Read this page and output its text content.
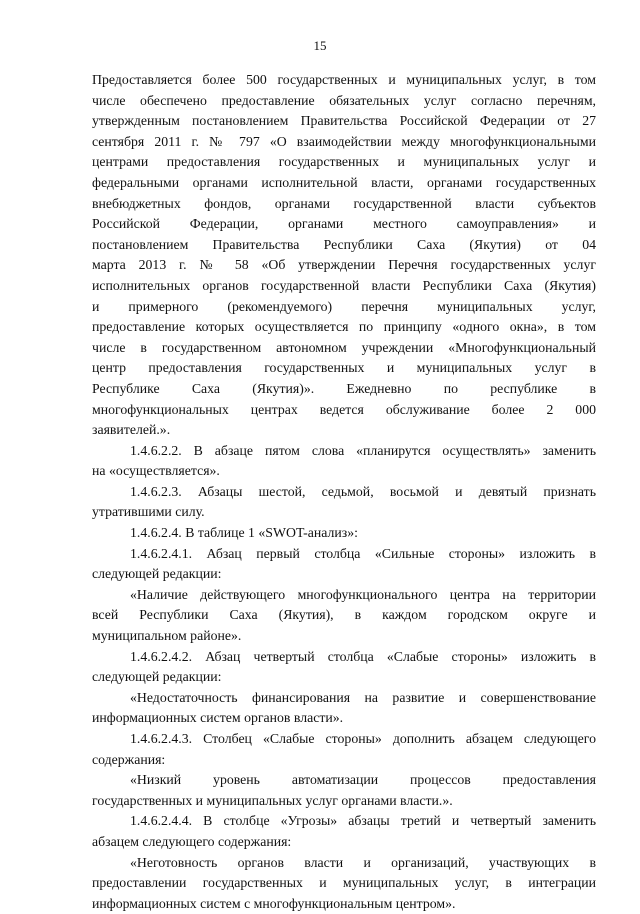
15
Предоставляется более 500 государственных и муниципальных услуг, в том
числе обеспечено предоставление обязательных услуг согласно перечням,
утвержденным постановлением Правительства Российской Федерации от 27
сентября 2011 г. № 797 «О взаимодействии между многофункциональными
центрами предоставления государственных и муниципальных услуг и
федеральными органами исполнительной власти, органами государственных
внебюджетных фондов, органами государственной власти субъектов
Российской Федерации, органами местного самоуправления» и
постановлением Правительства Республики Саха (Якутия) от 04
марта 2013 г. № 58 «Об утверждении Перечня государственных услуг
исполнительных органов государственной власти Республики Саха (Якутия)
и примерного (рекомендуемого) перечня муниципальных услуг,
предоставление которых осуществляется по принципу «одного окна», в том
числе в государственном автономном учреждении «Многофункциональный
центр предоставления государственных и муниципальных услуг в
Республике Саха (Якутия)». Ежедневно по республике в
многофункциональных центрах ведется обслуживание более 2 000
заявителей.».
1.4.6.2.2. В абзаце пятом слова «планирутся осуществлять» заменить
на «осуществляется».
1.4.6.2.3. Абзацы шестой, седьмой, восьмой и девятый признать
утратившими силу.
1.4.6.2.4. В таблице 1 «SWOT-анализ»:
1.4.6.2.4.1. Абзац первый столбца «Сильные стороны» изложить в
следующей редакции:
«Наличие действующего многофункционального центра на территории
всей Республики Саха (Якутия), в каждом городском округе и
муниципальном районе».
1.4.6.2.4.2. Абзац четвертый столбца «Слабые стороны» изложить в
следующей редакции:
«Недостаточность финансирования на развитие и совершенствование
информационных систем органов власти».
1.4.6.2.4.3. Столбец «Слабые стороны» дополнить абзацем следующего
содержания:
«Низкий уровень автоматизации процессов предоставления
государственных и муниципальных услуг органами власти.».
1.4.6.2.4.4. В столбце «Угрозы» абзацы третий и четвертый заменить
абзацем следующего содержания:
«Неготовность органов власти и организаций, участвующих в
предоставлении государственных и муниципальных услуг, в интеграции
информационных систем с многофункциональным центром».
